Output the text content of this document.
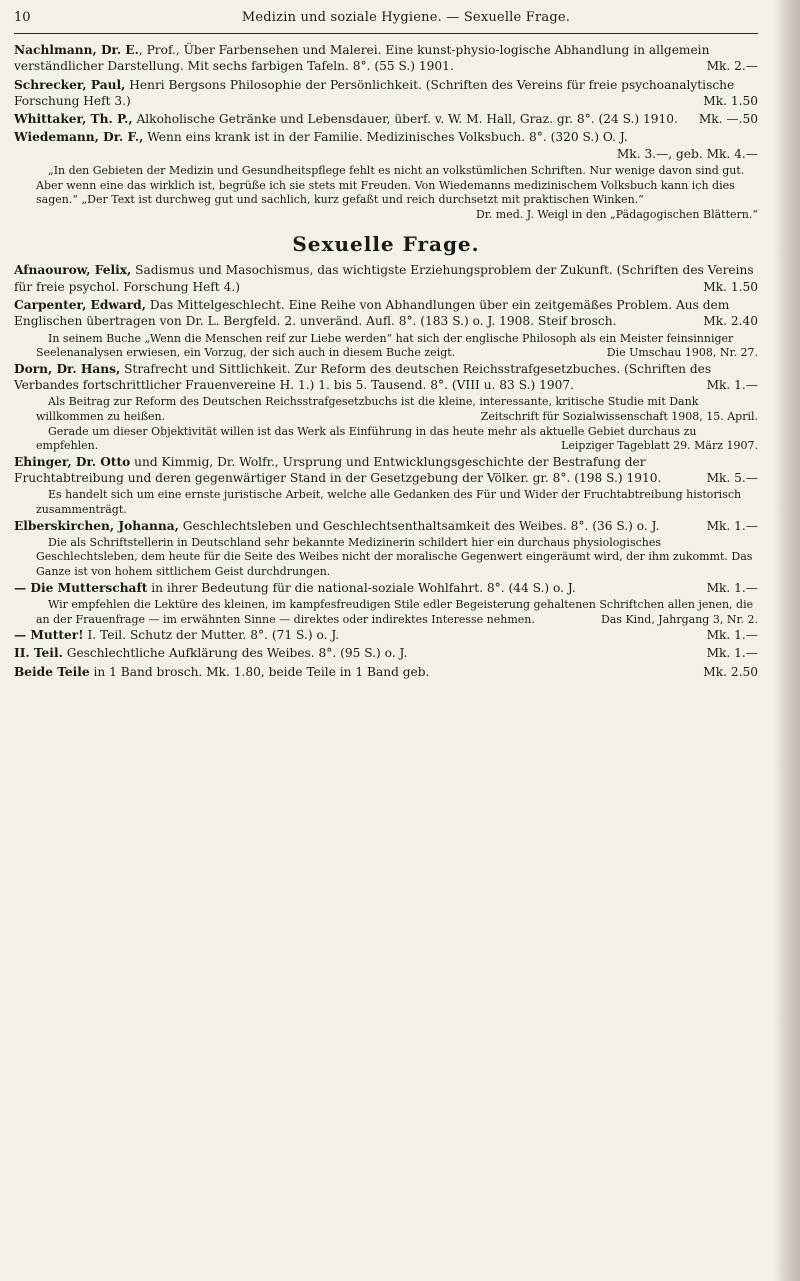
10	Medizin und soziale Hygiene. — Sexuelle Frage.
Nachlmann, Dr. E., Prof., Über Farbensehen und Malerei. Eine kunst-physio-logische Abhandlung in allgemein verständlicher Darstellung. Mit sechs farbigen Tafeln. 8°. (55 S.) 1901.	Mk. 2.—
Schrecker, Paul, Henri Bergsons Philosophie der Persönlichkeit. (Schriften des Vereins für freie psychoanalytische Forschung Heft 3.)	Mk. 1.50
Whittaker, Th. P., Alkoholische Getränke und Lebensdauer, überf. v. W. M. Hall, Graz. gr. 8°. (24 S.) 1910.	Mk. —.50
Wiedemann, Dr. F., Wenn eins krank ist in der Familie. Medizinisches Volksbuch. 8°. (320 S.) O. J.
Mk. 3.—, geb. Mk. 4.—
„In den Gebieten der Medizin und Gesundheitspflege fehlt es nicht an volkstümlichen Schriften. Nur wenige davon sind gut. Aber wenn eine das wirklich ist, begrüße ich sie stets mit Freuden. Von Wiedemanns medizinischem Volksbuch kann ich dies sagen.“ „Der Text ist durchweg gut und sachlich, kurz gefaßt und reich durchsetzt mit praktischen Winken.“
Dr. med. J. Weigl in den „Pädagogischen Blättern.“
Sexuelle Frage.
Afnaourow, Felix, Sadismus und Masochismus, das wichtigste Erziehungsproblem der Zukunft. (Schriften des Vereins für freie psychol. Forschung Heft 4.)	Mk. 1.50
Carpenter, Edward, Das Mittelgeschlecht. Eine Reihe von Abhandlungen über ein zeitgemäßes Problem. Aus dem Englischen übertragen von Dr. L. Bergfeld. 2. unveränd. Aufl. 8°. (183 S.) o. J. 1908. Steif brosch.	Mk. 2.40
In seinem Buche „Wenn die Menschen reif zur Liebe werden“ hat sich der englische Philosoph als ein Meister feinsinniger Seelenanalysen erwiesen, ein Vorzug, der sich auch in diesem Buche zeigt.	Die Umschau 1908, Nr. 27.
Dorn, Dr. Hans, Strafrecht und Sittlichkeit. Zur Reform des deutschen Reichsstrafgesetzbuches. (Schriften des Verbandes fortschrittlicher Frauenvereine H. 1.) 1. bis 5. Tausend. 8°. (VIII u. 83 S.) 1907.	Mk. 1.—
Als Beitrag zur Reform des Deutschen Reichsstrafgesetzbuchs ist die kleine, interessante, kritische Studie mit Dank willkommen zu heißen.	Zeitschrift für Sozialwissenschaft 1908, 15. April.
Gerade um dieser Objektivität willen ist das Werk als Einführung in das heute mehr als aktuelle Gebiet durchaus zu empfehlen.	Leipziger Tageblatt 29. März 1907.
Ehinger, Dr. Otto und Kimmig, Dr. Wolfr., Ursprung und Entwicklungsgeschichte der Bestrafung der Fruchtabtreibung und deren gegenwärtiger Stand in der Gesetzgebung der Völker. gr. 8°. (198 S.) 1910.	Mk. 5.—
Es handelt sich um eine ernste juristische Arbeit, welche alle Gedanken des Für und Wider der Fruchtabtreibung historisch zusammenträgt.
Elberskirchen, Johanna, Geschlechtsleben und Geschlechtsenthaltsamkeit des Weibes. 8°. (36 S.) o. J.	Mk. 1.—
Die als Schriftstellerin in Deutschland sehr bekannte Medizinerin schildert hier ein durchaus physiologisches Geschlechtsleben, dem heute für die Seite des Weibes nicht der moralische Gegenwert eingeräumt wird, der ihm zukommt. Das Ganze ist von hohem sittlichem Geist durchdrungen.
— Die Mutterschaft in ihrer Bedeutung für die national-soziale Wohlfahrt. 8°. (44 S.) o. J.	Mk. 1.—
Wir empfehlen die Lektüre des kleinen, im kampfesfreudigen Stile edler Begeisterung gehaltenen Schriftchen allen jenen, die an der Frauenfrage — im erwähnten Sinne — direktes oder indirektes Interesse nehmen.	Das Kind, Jahrgang 3, Nr. 2.
— Mutter! I. Teil. Schutz der Mutter. 8°. (71 S.) o. J.	Mk. 1.—
II. Teil. Geschlechtliche Aufklärung des Weibes. 8°. (95 S.) o. J.	Mk. 1.—
Beide Teile in 1 Band brosch. Mk. 1.80, beide Teile in 1 Band geb.	Mk. 2.50
